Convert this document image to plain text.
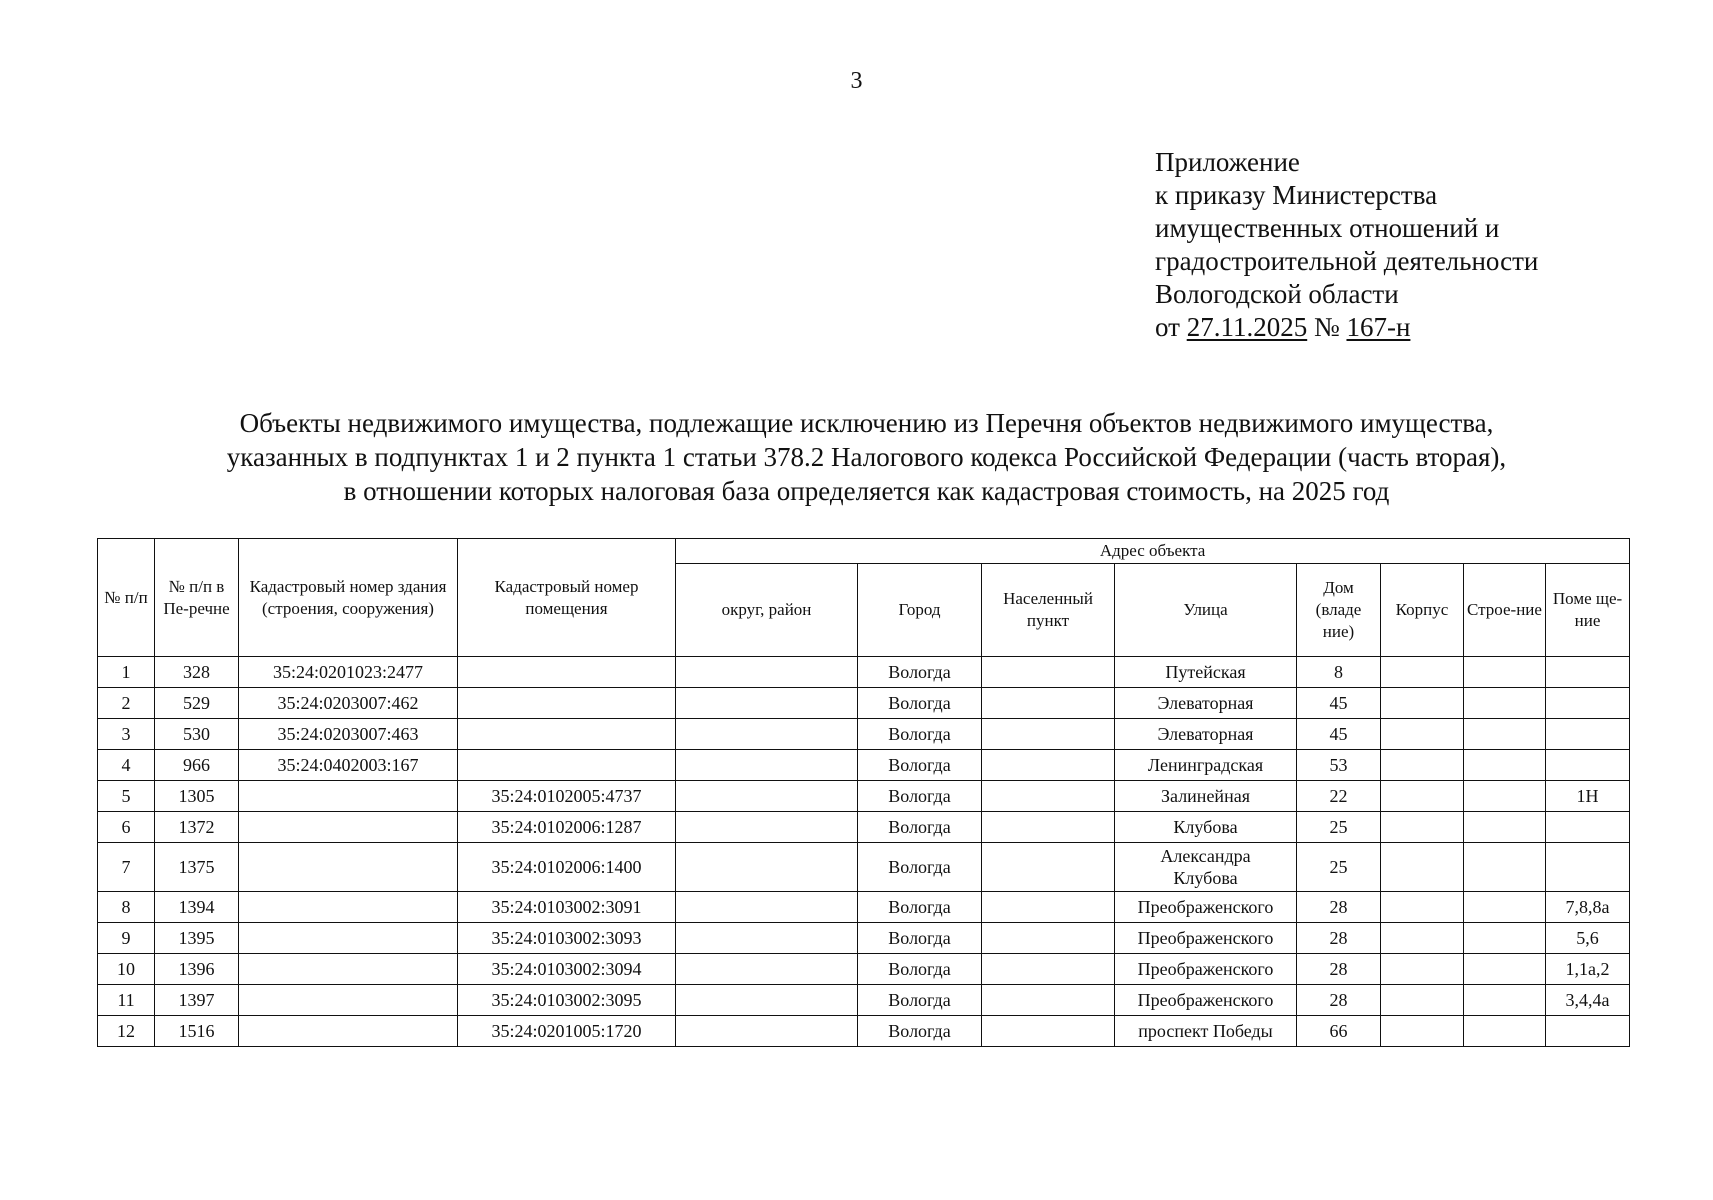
3
Приложение
к приказу Министерства
имущественных отношений и
градостроительной деятельности
Вологодской области
от 27.11.2025 № 167-н
Объекты недвижимого имущества, подлежащие исключению из Перечня объектов недвижимого имущества,
указанных в подпунктах 1 и 2 пункта 1 статьи 378.2 Налогового кодекса Российской Федерации (часть вторая),
в отношении которых налоговая база определяется как кадастровая стоимость, на 2025 год
№ п/п	№ п/п в Пе-речне	Кадастровый номер здания (строения, сооружения)	Кадастровый номер помещения	Адрес объекта							
				округ, район	Город	Населенный пункт	Улица	Дом (владе ние)	Корпус	Строе-ние	Поме ще-ние
1	328	35:24:0201023:2477			Вологда		Путейская	8			
2	529	35:24:0203007:462			Вологда		Элеваторная	45			
3	530	35:24:0203007:463			Вологда		Элеваторная	45			
4	966	35:24:0402003:167			Вологда		Ленинградская	53			
5	1305		35:24:0102005:4737		Вологда		Залинейная	22			1Н
6	1372		35:24:0102006:1287		Вологда		Клубова	25			
7	1375		35:24:0102006:1400		Вологда		Александра
Клубова	25			
8	1394		35:24:0103002:3091		Вологда		Преображенского	28			7,8,8а
9	1395		35:24:0103002:3093		Вологда		Преображенского	28			5,6
10	1396		35:24:0103002:3094		Вологда		Преображенского	28			1,1а,2
11	1397		35:24:0103002:3095		Вологда		Преображенского	28			3,4,4а
12	1516		35:24:0201005:1720		Вологда		проспект Победы	66			
